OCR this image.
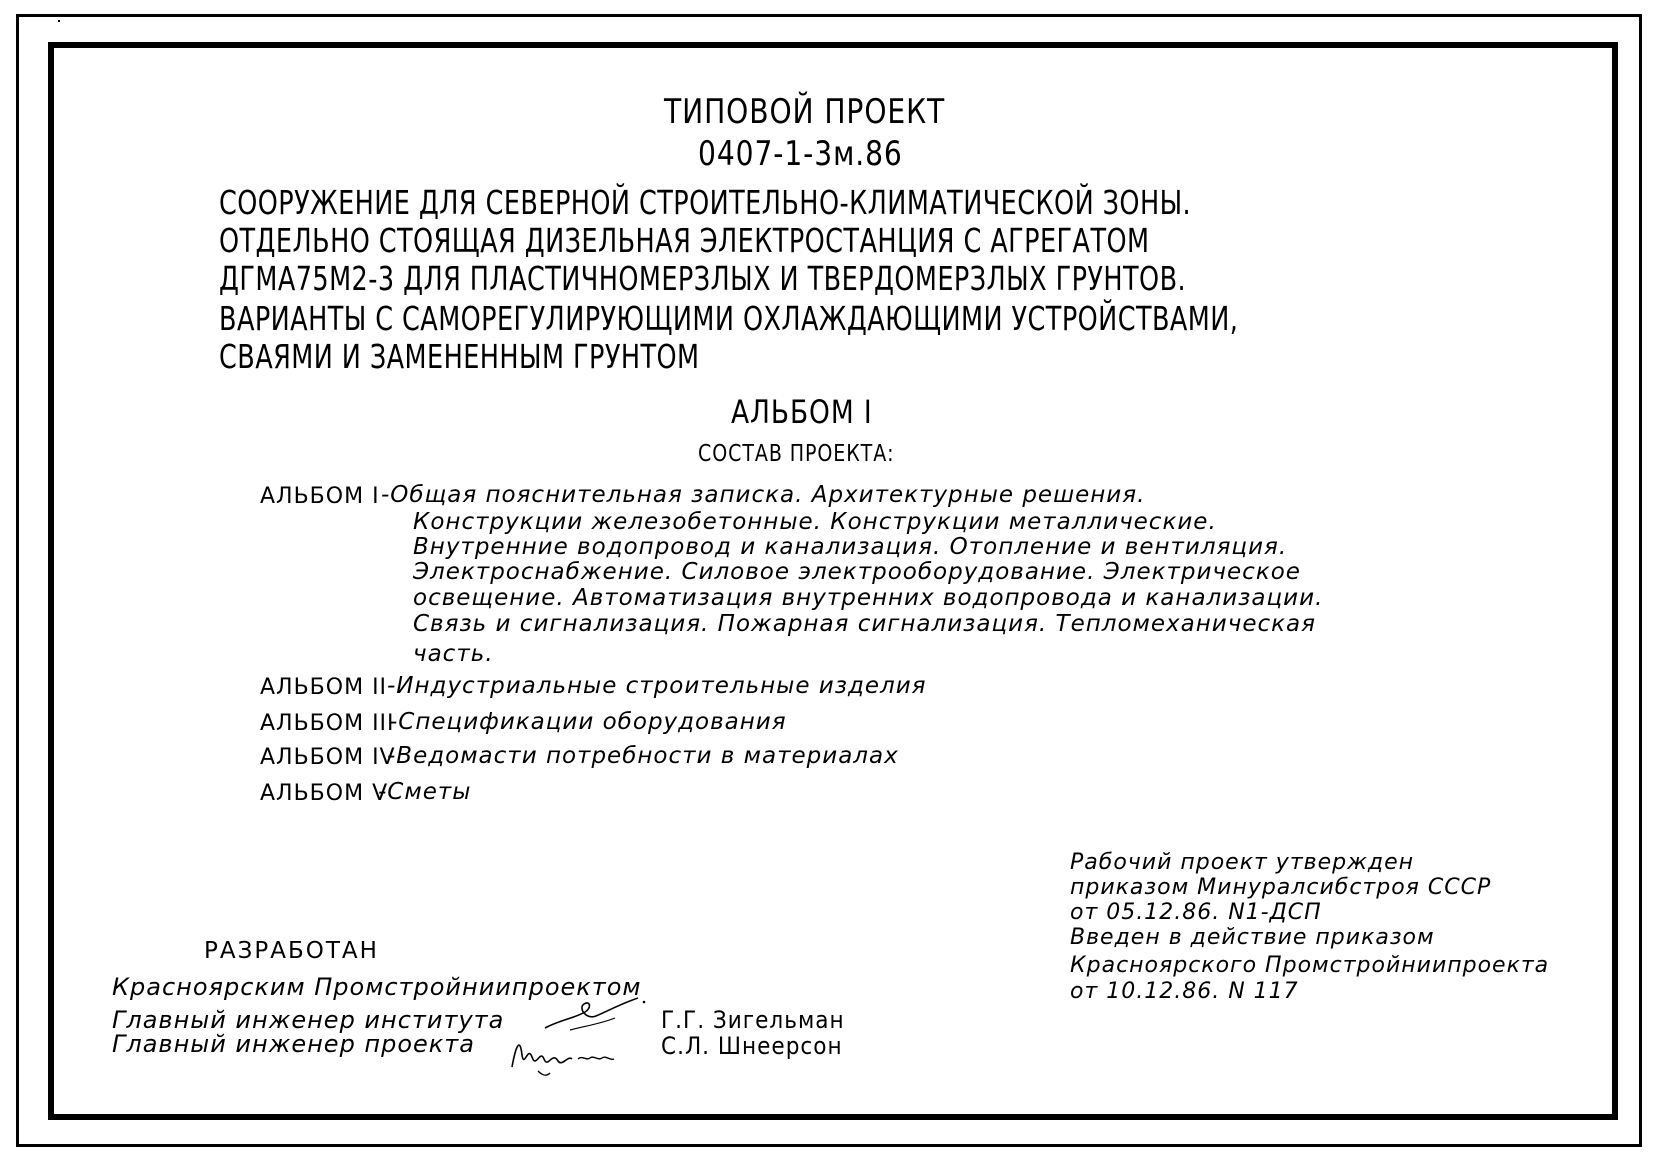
ТИПОВОЙ ПРОЕКТ
0407-1-3м.86
СООРУЖЕНИЕ ДЛЯ СЕВЕРНОЙ СТРОИТЕЛЬНО-КЛИМАТИЧЕСКОЙ ЗОНЫ.
ОТДЕЛЬНО СТОЯЩАЯ ДИЗЕЛЬНАЯ ЭЛЕКТРОСТАНЦИЯ С АГРЕГАТОМ
ДГМА75М2-3 ДЛЯ ПЛАСТИЧНОМЕРЗЛЫХ И ТВЕРДОМЕРЗЛЫХ ГРУНТОВ.
ВАРИАНТЫ С САМОРЕГУЛИРУЮЩИМИ ОХЛАЖДАЮЩИМИ УСТРОЙСТВАМИ,
СВАЯМИ И ЗАМЕНЕННЫМ ГРУНТОМ
АЛЬБОМ I
СОСТАВ ПРОЕКТА:
АЛЬБОМ I -Общая пояснительная записка. Архитектурные решения.
Конструкции железобетонные. Конструкции металлические.
Внутренние водопровод и канализация. Отопление и вентиляция.
Электроснабжение. Силовое электрооборудование. Электрическое
освещение. Автоматизация внутренних водопровода и канализации.
Связь и сигнализация. Пожарная сигнализация. Тепломеханическая
часть.
АЛЬБОМ II -Индустриальные строительные изделия
АЛЬБОМ III
-Спецификации оборудования
АЛЬБОМ IV
-Ведомасти потребности в материалах
АЛЬБОМ V
-Сметы
Рабочий проект утвержден
приказом Минуралсибстроя СССР
от 05.12.86. N1-ДСП
Введен в действие приказом
Красноярского Промстройниипроекта
от 10.12.86. N 117
РАЗРАБОТАН
Красноярским Промстройниипроектом
Главный инженер института
Главный инженер проекта
Г.Г. Зигельман
С.Л. Шнеерсон
